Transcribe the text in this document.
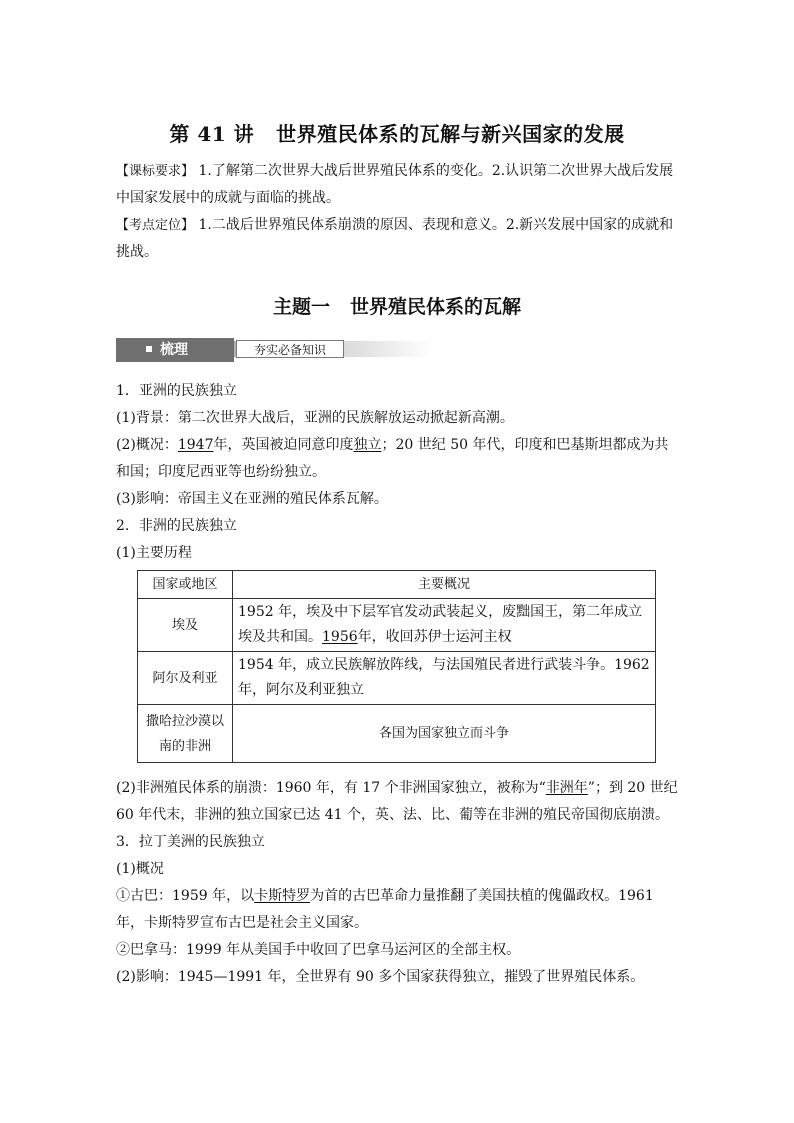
第 41 讲 世界殖民体系的瓦解与新兴国家的发展

【课标要求】 1.了解第二次世界大战后世界殖民体系的变化。2.认识第二次世界大战后发展中国家发展中的成就与面临的挑战。

【考点定位】 1.二战后世界殖民体系崩溃的原因、表现和意义。2.新兴发展中国家的成就和挑战。

主题一 世界殖民体系的瓦解
梳理	夯实必备知识

1．亚洲的民族独立

(1)背景：第二次世界大战后，亚洲的民族解放运动掀起新高潮。

(2)概况：1947年，英国被迫同意印度独立；20 世纪 50 年代，印度和巴基斯坦都成为共和国；印度尼西亚等也纷纷独立。

(3)影响：帝国主义在亚洲的殖民体系瓦解。

2．非洲的民族独立

(1)主要历程

国家或地区	主要概况
埃及	1952 年，埃及中下层军官发动武装起义，废黜国王，第二年成立埃及共和国。1956年，收回苏伊士运河主权
阿尔及利亚	1954 年，成立民族解放阵线，与法国殖民者进行武装斗争。1962 年，阿尔及利亚独立
撒哈拉沙漠以南的非洲	各国为国家独立而斗争

(2)非洲殖民体系的崩溃：1960 年，有 17 个非洲国家独立，被称为“非洲年”；到 20 世纪 60 年代末，非洲的独立国家已达 41 个，英、法、比、葡等在非洲的殖民帝国彻底崩溃。

3．拉丁美洲的民族独立

(1)概况

①古巴：1959 年，以卡斯特罗为首的古巴革命力量推翻了美国扶植的傀儡政权。1961 年，卡斯特罗宣布古巴是社会主义国家。

②巴拿马：1999 年从美国手中收回了巴拿马运河区的全部主权。

(2)影响：1945—1991 年，全世界有 90 多个国家获得独立，摧毁了世界殖民体系。
